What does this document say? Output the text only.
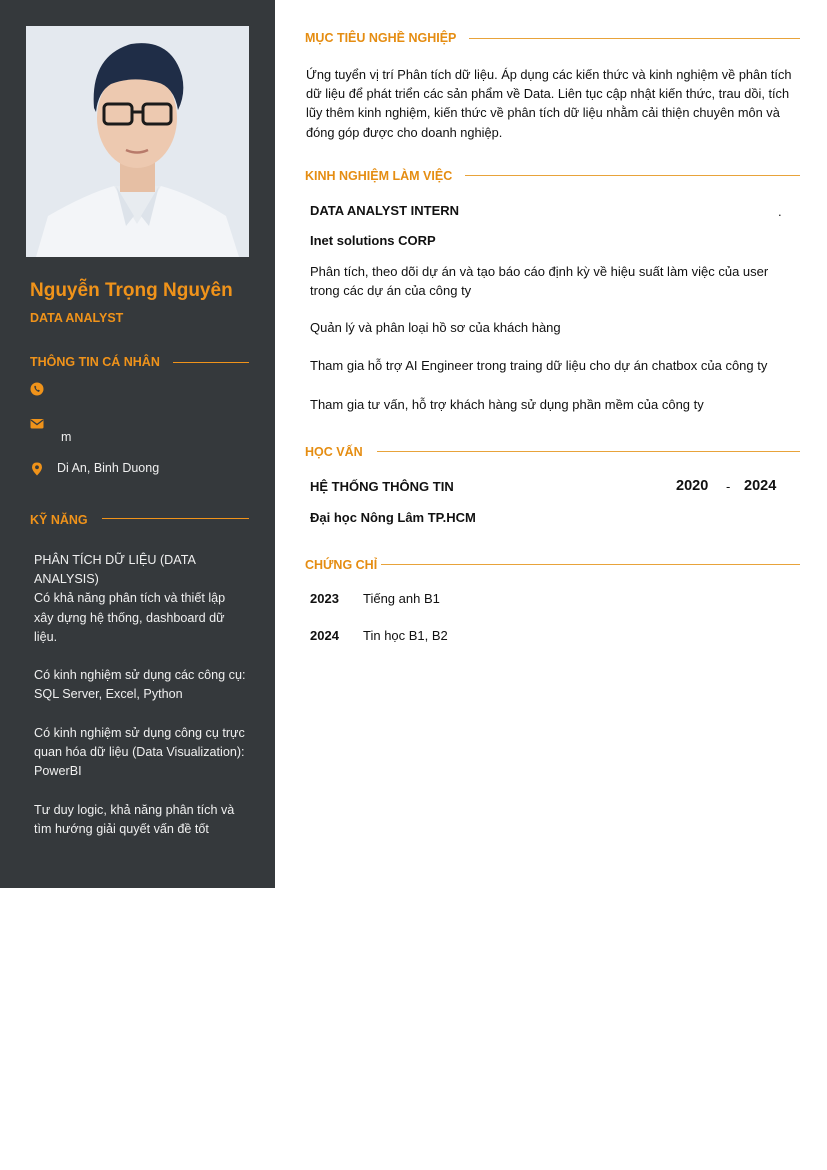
Nguyễn Trọng Nguyên
DATA ANALYST
THÔNG TIN CÁ NHÂN
m
Di An, Binh Duong
KỸ NĂNG

PHÂN TÍCH DỮ LIỆU (DATA ANALYSIS)

Có khả năng phân tích và thiết lập xây dựng hệ thống, dashboard dữ liệu.

Có kinh nghiệm sử dụng các công cụ: SQL Server, Excel, Python

Có kinh nghiệm sử dụng công cụ trực quan hóa dữ liệu (Data Visualization): PowerBI

Tư duy logic, khả năng phân tích và tìm hướng giải quyết vấn đề tốt

MỤC TIÊU NGHỀ NGHIỆP
Ứng tuyển vị trí Phân tích dữ liệu. Áp dụng các kiến thức và kinh nghiệm về phân tích dữ liệu để phát triển các sản phẩm về Data. Liên tục cập nhật kiến thức, trau dồi, tích lũy thêm kinh nghiệm, kiến thức về phân tích dữ liệu nhằm cải thiện chuyên môn và đóng góp được cho doanh nghiệp.
KINH NGHIỆM LÀM VIỆC
DATA ANALYST INTERN	.
Inet solutions CORP
Phân tích, theo dõi dự án và tạo báo cáo định kỳ về hiệu suất làm việc của user trong các dự án của công ty
Quản lý và phân loại hồ sơ của khách hàng
Tham gia hỗ trợ AI Engineer trong traing dữ liệu cho dự án chatbox của công ty
Tham gia tư vấn, hỗ trợ khách hàng sử dụng phần mềm của công ty
HỌC VẤN
HỆ THỐNG THÔNG TIN	2020 - 2024
Đại học Nông Lâm TP.HCM
CHỨNG CHỈ
2023 Tiếng anh B1
2024 Tin học B1, B2
